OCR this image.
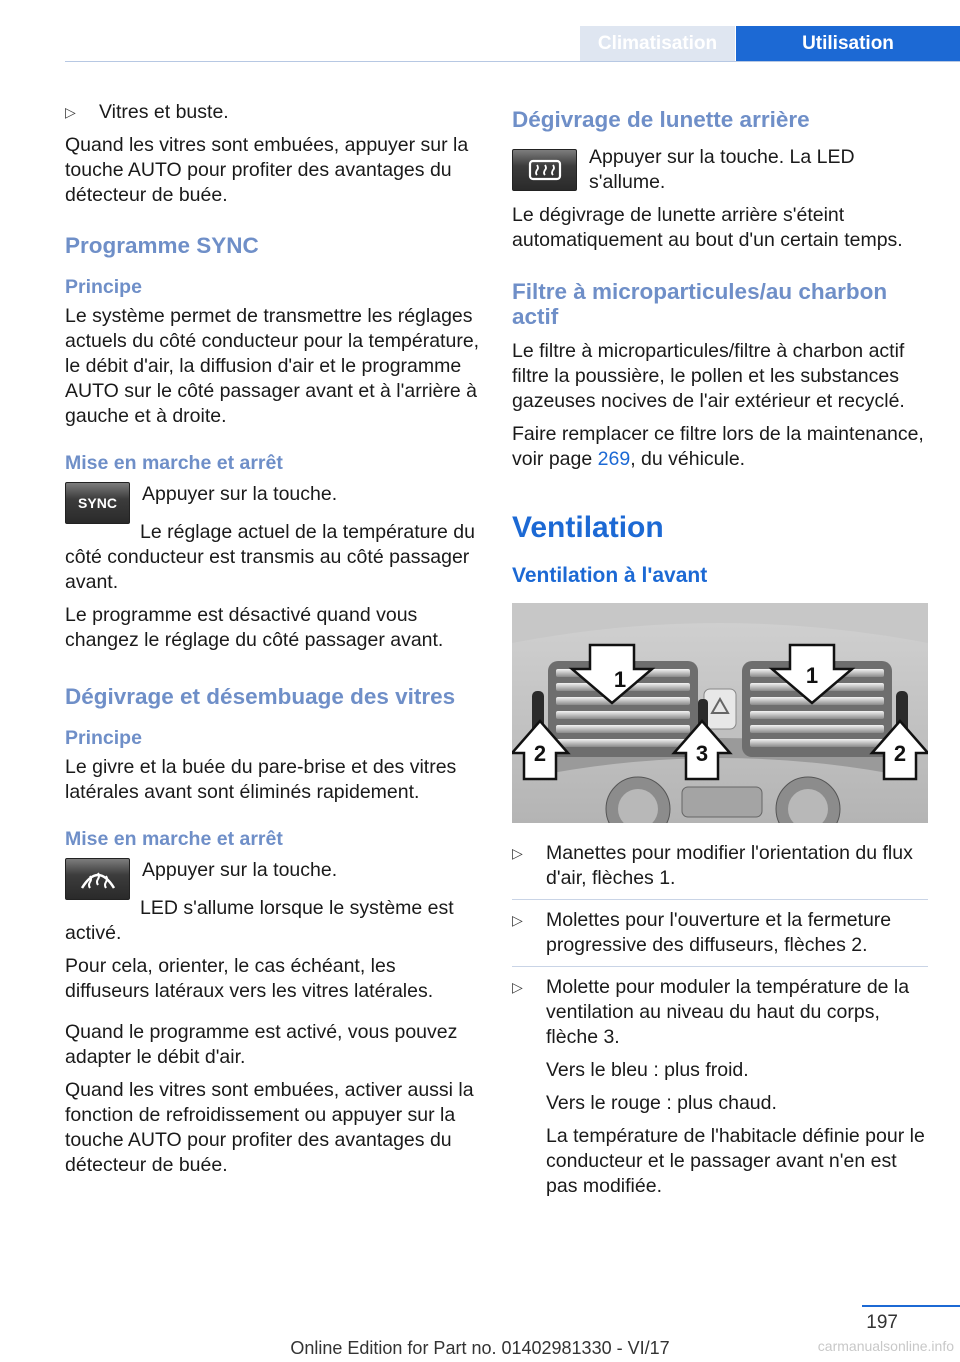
Climatisation	Utilisation
▷	Vitres et buste.

Quand les vitres sont embuées, appuyer sur la touche AUTO pour profiter des avantages du détecteur de buée.

Programme SYNC
Principe

Le système permet de transmettre les réglages actuels du côté conducteur pour la température, le débit d'air, la diffusion d'air et le programme AUTO sur le côté passager avant et à l'arrière à gauche et à droite.

Mise en marche et arrêt
SYNC Appuyer sur la touche.

Le réglage actuel de la température du côté conducteur est transmis au côté passager avant.

Le programme est désactivé quand vous changez le réglage du côté passager avant.

Dégivrage et désembuage des vitres
Principe

Le givre et la buée du pare-brise et des vitres latérales avant sont éliminés rapidement.

Mise en marche et arrêt

Appuyer sur la touche.

LED s'allume lorsque le système est activé.

Pour cela, orienter, le cas échéant, les diffuseurs latéraux vers les vitres latérales.

Quand le programme est activé, vous pouvez adapter le débit d'air.

Quand les vitres sont embuées, activer aussi la fonction de refroidissement ou appuyer sur la touche AUTO pour profiter des avantages du détecteur de buée.

Dégivrage de lunette arrière

Appuyer sur la touche. La LED s'allume.

Le dégivrage de lunette arrière s'éteint automatiquement au bout d'un certain temps.

Filtre à microparticules/au charbon actif

Le filtre à microparticules/filtre à charbon actif filtre la poussière, le pollen et les substances gazeuses nocives de l'air extérieur et recyclé.

Faire remplacer ce filtre lors de la maintenance, voir page 269, du véhicule.

Ventilation
Ventilation à l'avant
1	1
2	3	2
▷	Manettes pour modifier l'orientation du flux d'air, flèches 1.
▷	Molettes pour l'ouverture et la fermeture progressive des diffuseurs, flèches 2.
▷	Molette pour moduler la température de la ventilation au niveau du haut du corps, flèche 3.

Vers le bleu : plus froid.

Vers le rouge : plus chaud.

La température de l'habitacle définie pour le conducteur et le passager avant n'en est pas modifiée.

197
Online Edition for Part no. 01402981330 - VI/17	carmanualsonline.info
